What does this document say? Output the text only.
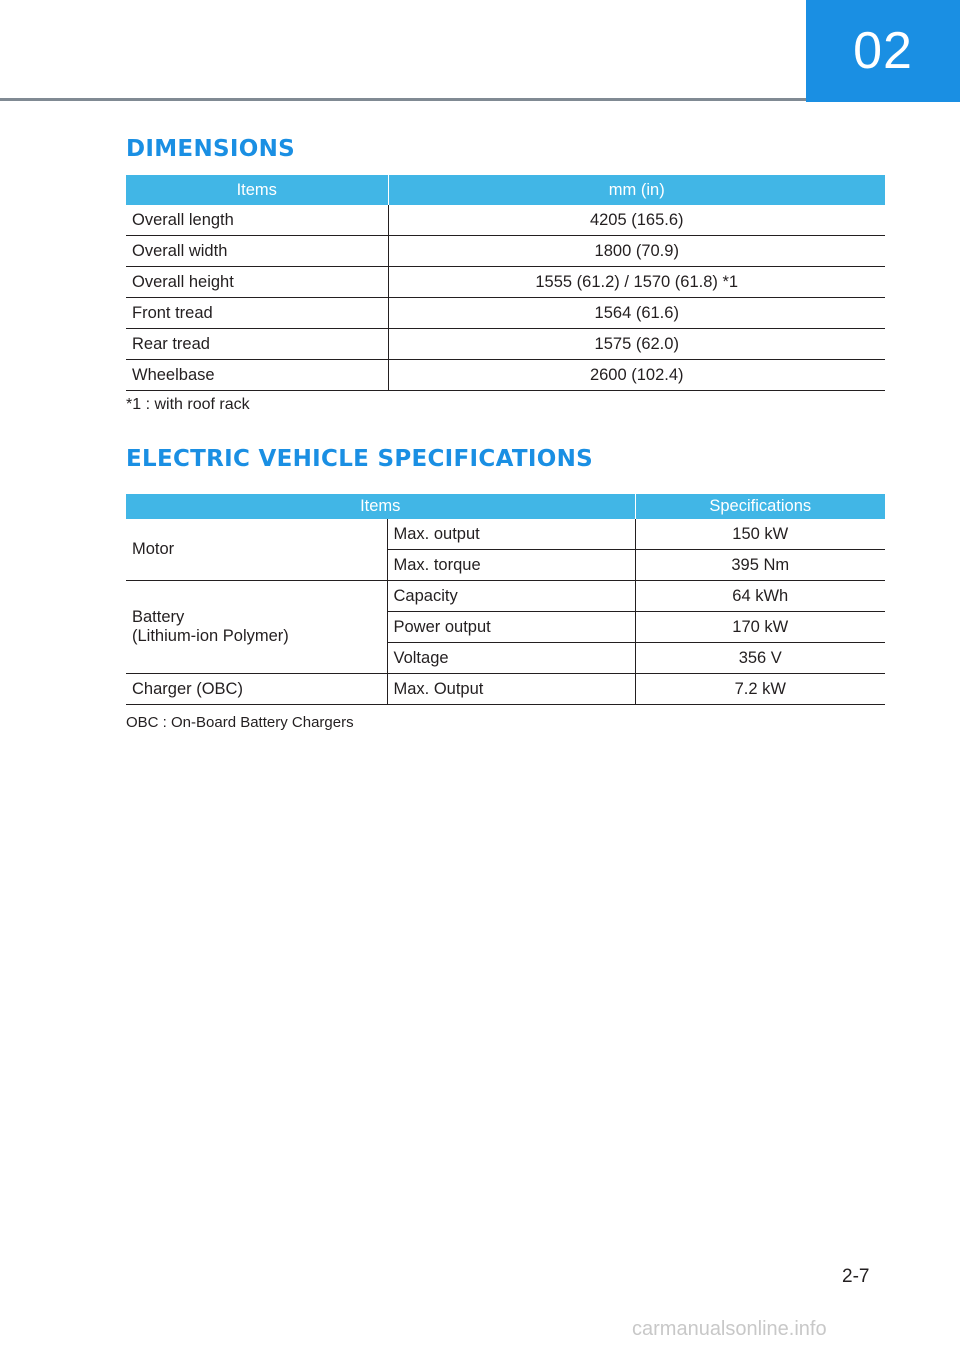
02
DIMENSIONS
Items	mm (in)
Overall length	4205 (165.6)
Overall width	1800 (70.9)
Overall height	1555 (61.2) / 1570 (61.8) *1
Front tread	1564 (61.6)
Rear tread	1575 (62.0)
Wheelbase	2600 (102.4)
*1 : with roof rack
ELECTRIC VEHICLE SPECIFICATIONS
Items		Specifications
Motor	Max. output	150 kW
	Max. torque	395 Nm
Battery
(Lithium-ion Polymer)	Capacity	64 kWh
	Power output	170 kW
	Voltage	356 V
Charger (OBC)	Max. Output	7.2 kW
OBC : On-Board Battery Chargers
2-7
carmanualsonline.info
